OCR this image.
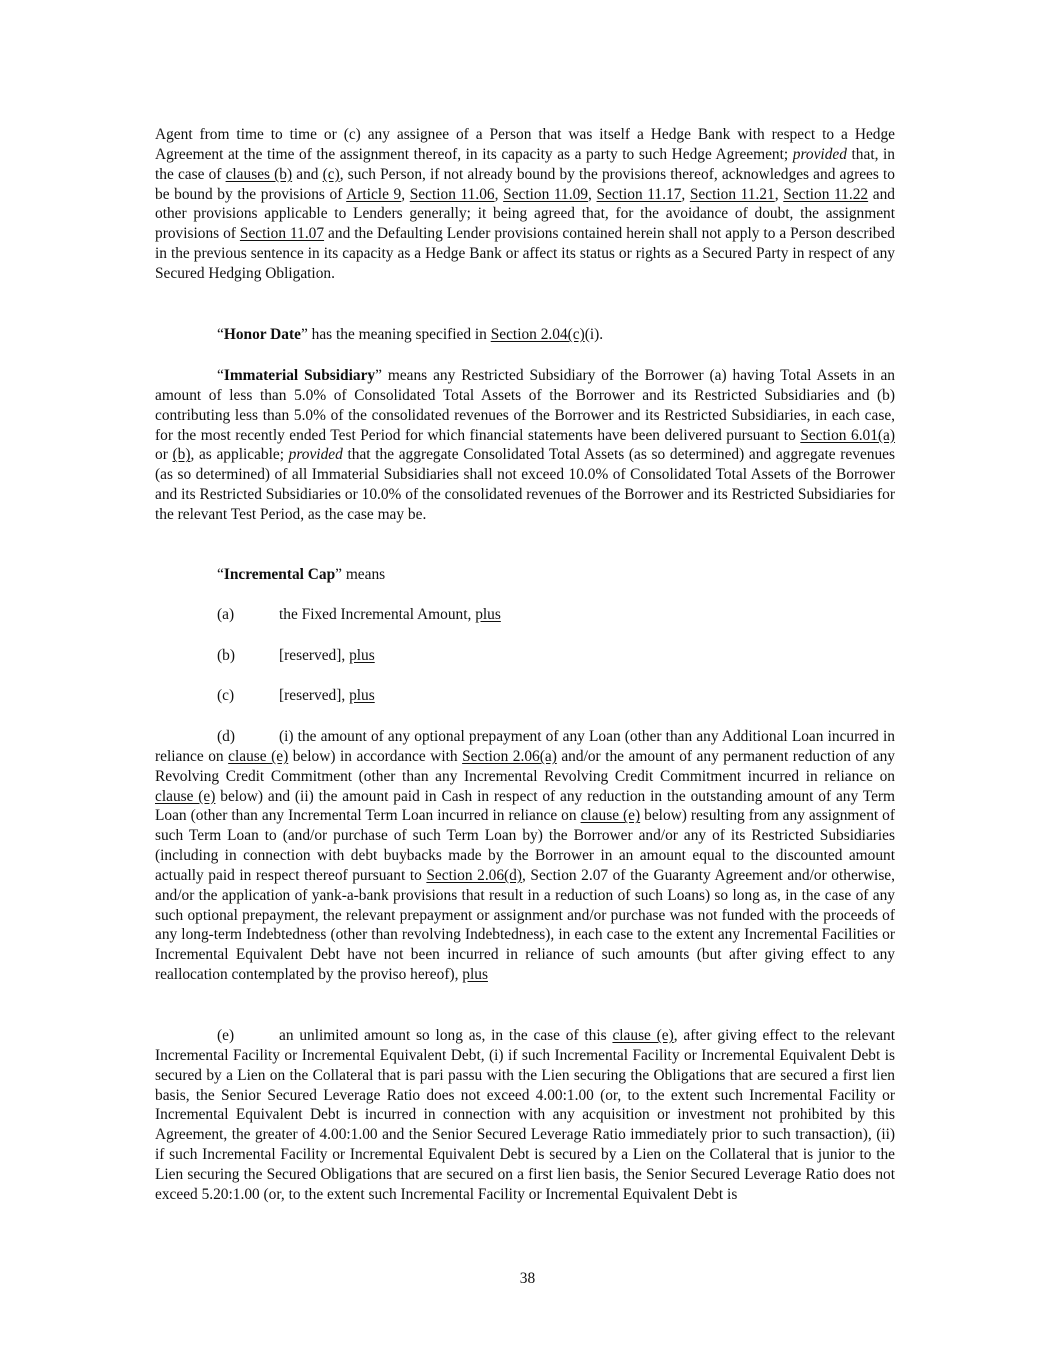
Agent from time to time or (c) any assignee of a Person that was itself a Hedge Bank with respect to a Hedge Agreement at the time of the assignment thereof, in its capacity as a party to such Hedge Agreement; provided that, in the case of clauses (b) and (c), such Person, if not already bound by the provisions thereof, acknowledges and agrees to be bound by the provisions of Article 9, Section 11.06, Section 11.09, Section 11.17, Section 11.21, Section 11.22 and other provisions applicable to Lenders generally; it being agreed that, for the avoidance of doubt, the assignment provisions of Section 11.07 and the Defaulting Lender provisions contained herein shall not apply to a Person described in the previous sentence in its capacity as a Hedge Bank or affect its status or rights as a Secured Party in respect of any Secured Hedging Obligation.

“Honor Date” has the meaning specified in Section 2.04(c)(i).

“Immaterial Subsidiary” means any Restricted Subsidiary of the Borrower (a) having Total Assets in an amount of less than 5.0% of Consolidated Total Assets of the Borrower and its Restricted Subsidiaries and (b) contributing less than 5.0% of the consolidated revenues of the Borrower and its Restricted Subsidiaries, in each case, for the most recently ended Test Period for which financial statements have been delivered pursuant to Section 6.01(a) or (b), as applicable; provided that the aggregate Consolidated Total Assets (as so determined) and aggregate revenues (as so determined) of all Immaterial Subsidiaries shall not exceed 10.0% of Consolidated Total Assets of the Borrower and its Restricted Subsidiaries or 10.0% of the consolidated revenues of the Borrower and its Restricted Subsidiaries for the relevant Test Period, as the case may be.

“Incremental Cap” means

(a)	the Fixed Incremental Amount, plus

(b)	[reserved], plus

(c)	[reserved], plus

(d)	(i) the amount of any optional prepayment of any Loan (other than any Additional Loan incurred in reliance on clause (e) below) in accordance with Section 2.06(a) and/or the amount of any permanent reduction of any Revolving Credit Commitment (other than any Incremental Revolving Credit Commitment incurred in reliance on clause (e) below) and (ii) the amount paid in Cash in respect of any reduction in the outstanding amount of any Term Loan (other than any Incremental Term Loan incurred in reliance on clause (e) below) resulting from any assignment of such Term Loan to (and/or purchase of such Term Loan by) the Borrower and/or any of its Restricted Subsidiaries (including in connection with debt buybacks made by the Borrower in an amount equal to the discounted amount actually paid in respect thereof pursuant to Section 2.06(d), Section 2.07 of the Guaranty Agreement and/or otherwise, and/or the application of yank-a-bank provisions that result in a reduction of such Loans) so long as, in the case of any such optional prepayment, the relevant prepayment or assignment and/or purchase was not funded with the proceeds of any long-term Indebtedness (other than revolving Indebtedness), in each case to the extent any Incremental Facilities or Incremental Equivalent Debt have not been incurred in reliance of such amounts (but after giving effect to any reallocation contemplated by the proviso hereof), plus

(e)	an unlimited amount so long as, in the case of this clause (e), after giving effect to the relevant Incremental Facility or Incremental Equivalent Debt, (i) if such Incremental Facility or Incremental Equivalent Debt is secured by a Lien on the Collateral that is pari passu with the Lien securing the Obligations that are secured a first lien basis, the Senior Secured Leverage Ratio does not exceed 4.00:1.00 (or, to the extent such Incremental Facility or Incremental Equivalent Debt is incurred in connection with any acquisition or investment not prohibited by this Agreement, the greater of 4.00:1.00 and the Senior Secured Leverage Ratio immediately prior to such transaction), (ii) if such Incremental Facility or Incremental Equivalent Debt is secured by a Lien on the Collateral that is junior to the Lien securing the Secured Obligations that are secured on a first lien basis, the Senior Secured Leverage Ratio does not exceed 5.20:1.00 (or, to the extent such Incremental Facility or Incremental Equivalent Debt is

38
